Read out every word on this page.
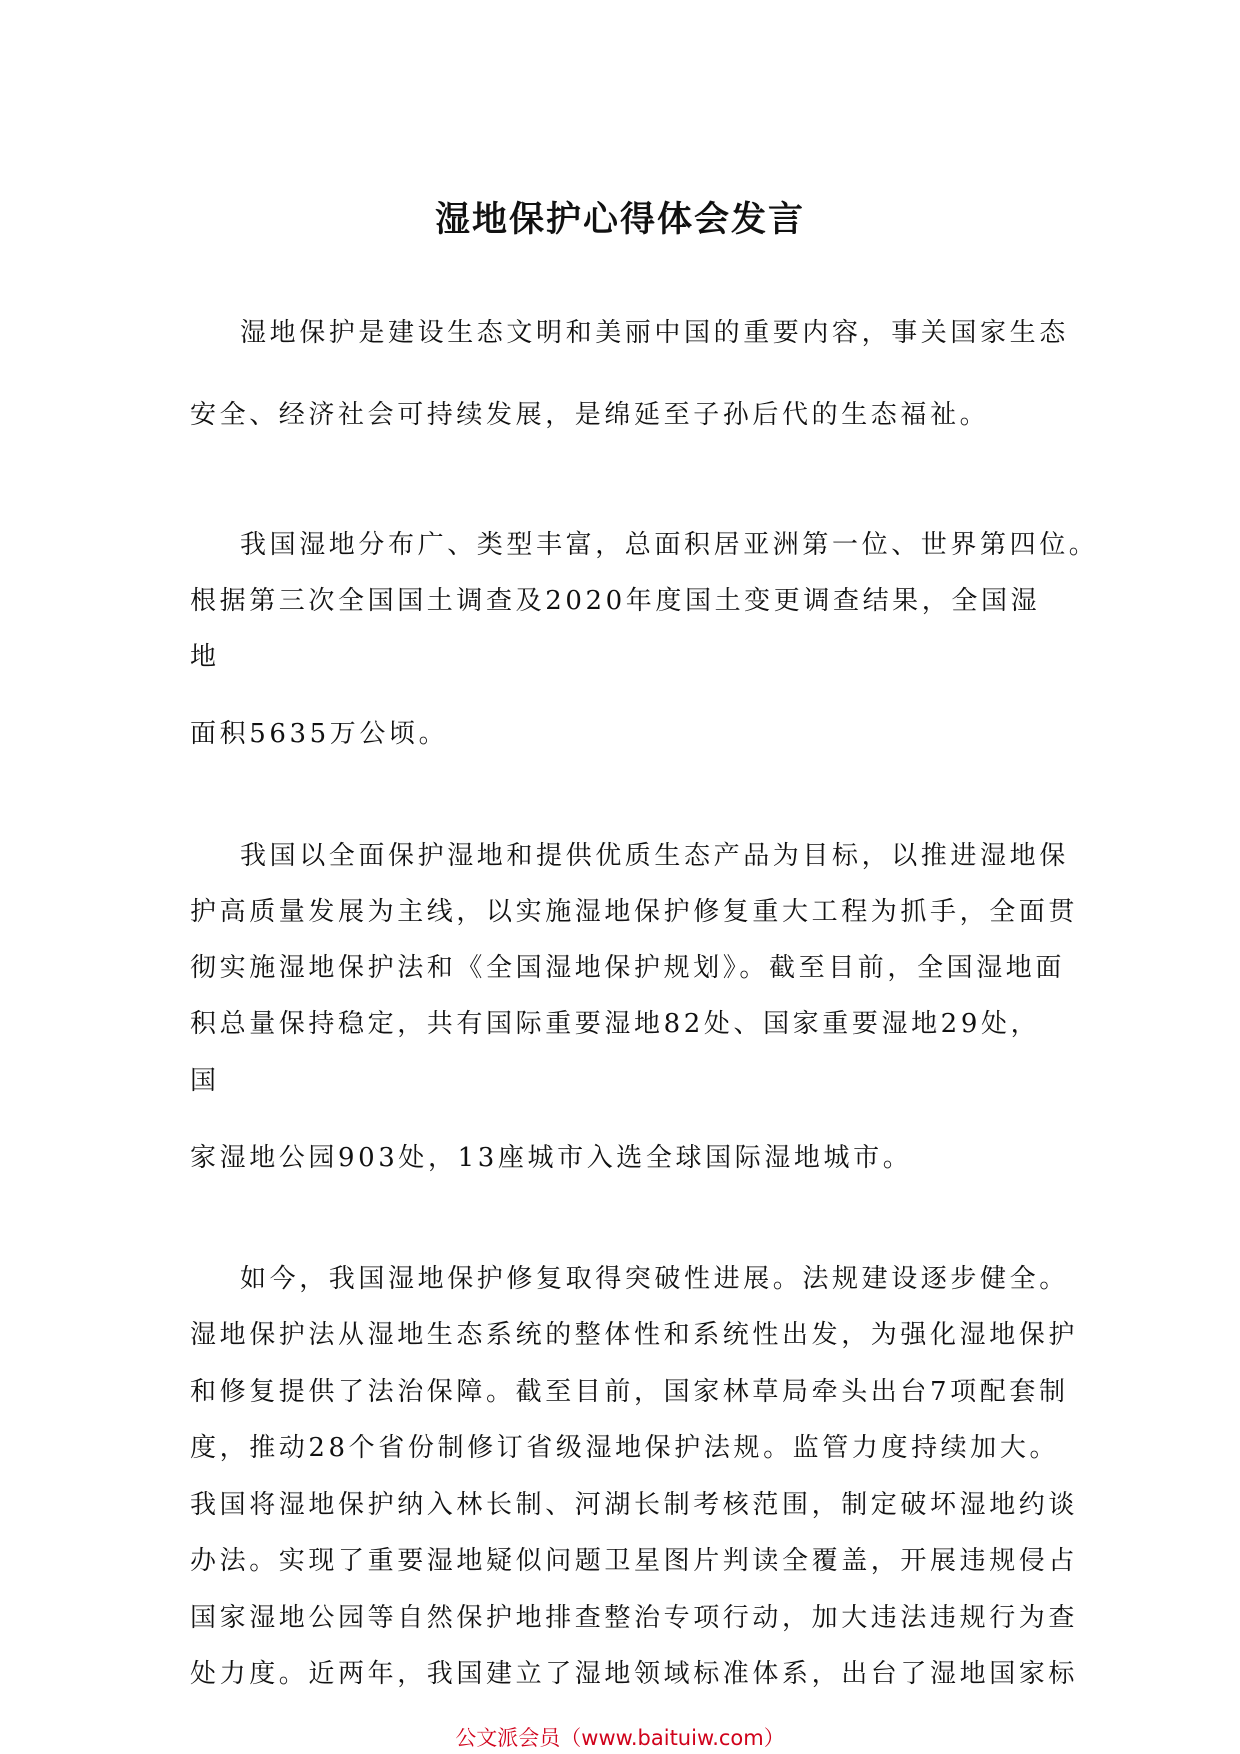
湿地保护心得体会发言
湿地保护是建设生态文明和美丽中国的重要内容，事关国家生态
安全、经济社会可持续发展，是绵延至子孙后代的生态福祉。
我国湿地分布广、类型丰富，总面积居亚洲第一位、世界第四位。
根据第三次全国国土调查及2020年度国土变更调查结果，全国湿
地
面积5635万公顷。
我国以全面保护湿地和提供优质生态产品为目标，以推进湿地保
护高质量发展为主线，以实施湿地保护修复重大工程为抓手，全面贯
彻实施湿地保护法和《全国湿地保护规划》。截至目前，全国湿地面
积总量保持稳定，共有国际重要湿地82处、国家重要湿地29处，
国
家湿地公园903处，13座城市入选全球国际湿地城市。
如今，我国湿地保护修复取得突破性进展。法规建设逐步健全。
湿地保护法从湿地生态系统的整体性和系统性出发，为强化湿地保护
和修复提供了法治保障。截至目前，国家林草局牵头出台7项配套制
度，推动28个省份制修订省级湿地保护法规。监管力度持续加大。
我国将湿地保护纳入林长制、河湖长制考核范围，制定破坏湿地约谈
办法。实现了重要湿地疑似问题卫星图片判读全覆盖，开展违规侵占
国家湿地公园等自然保护地排查整治专项行动，加大违法违规行为查
处力度。近两年，我国建立了湿地领域标准体系，出台了湿地国家标
公文派会员（www.baituiw.com）
